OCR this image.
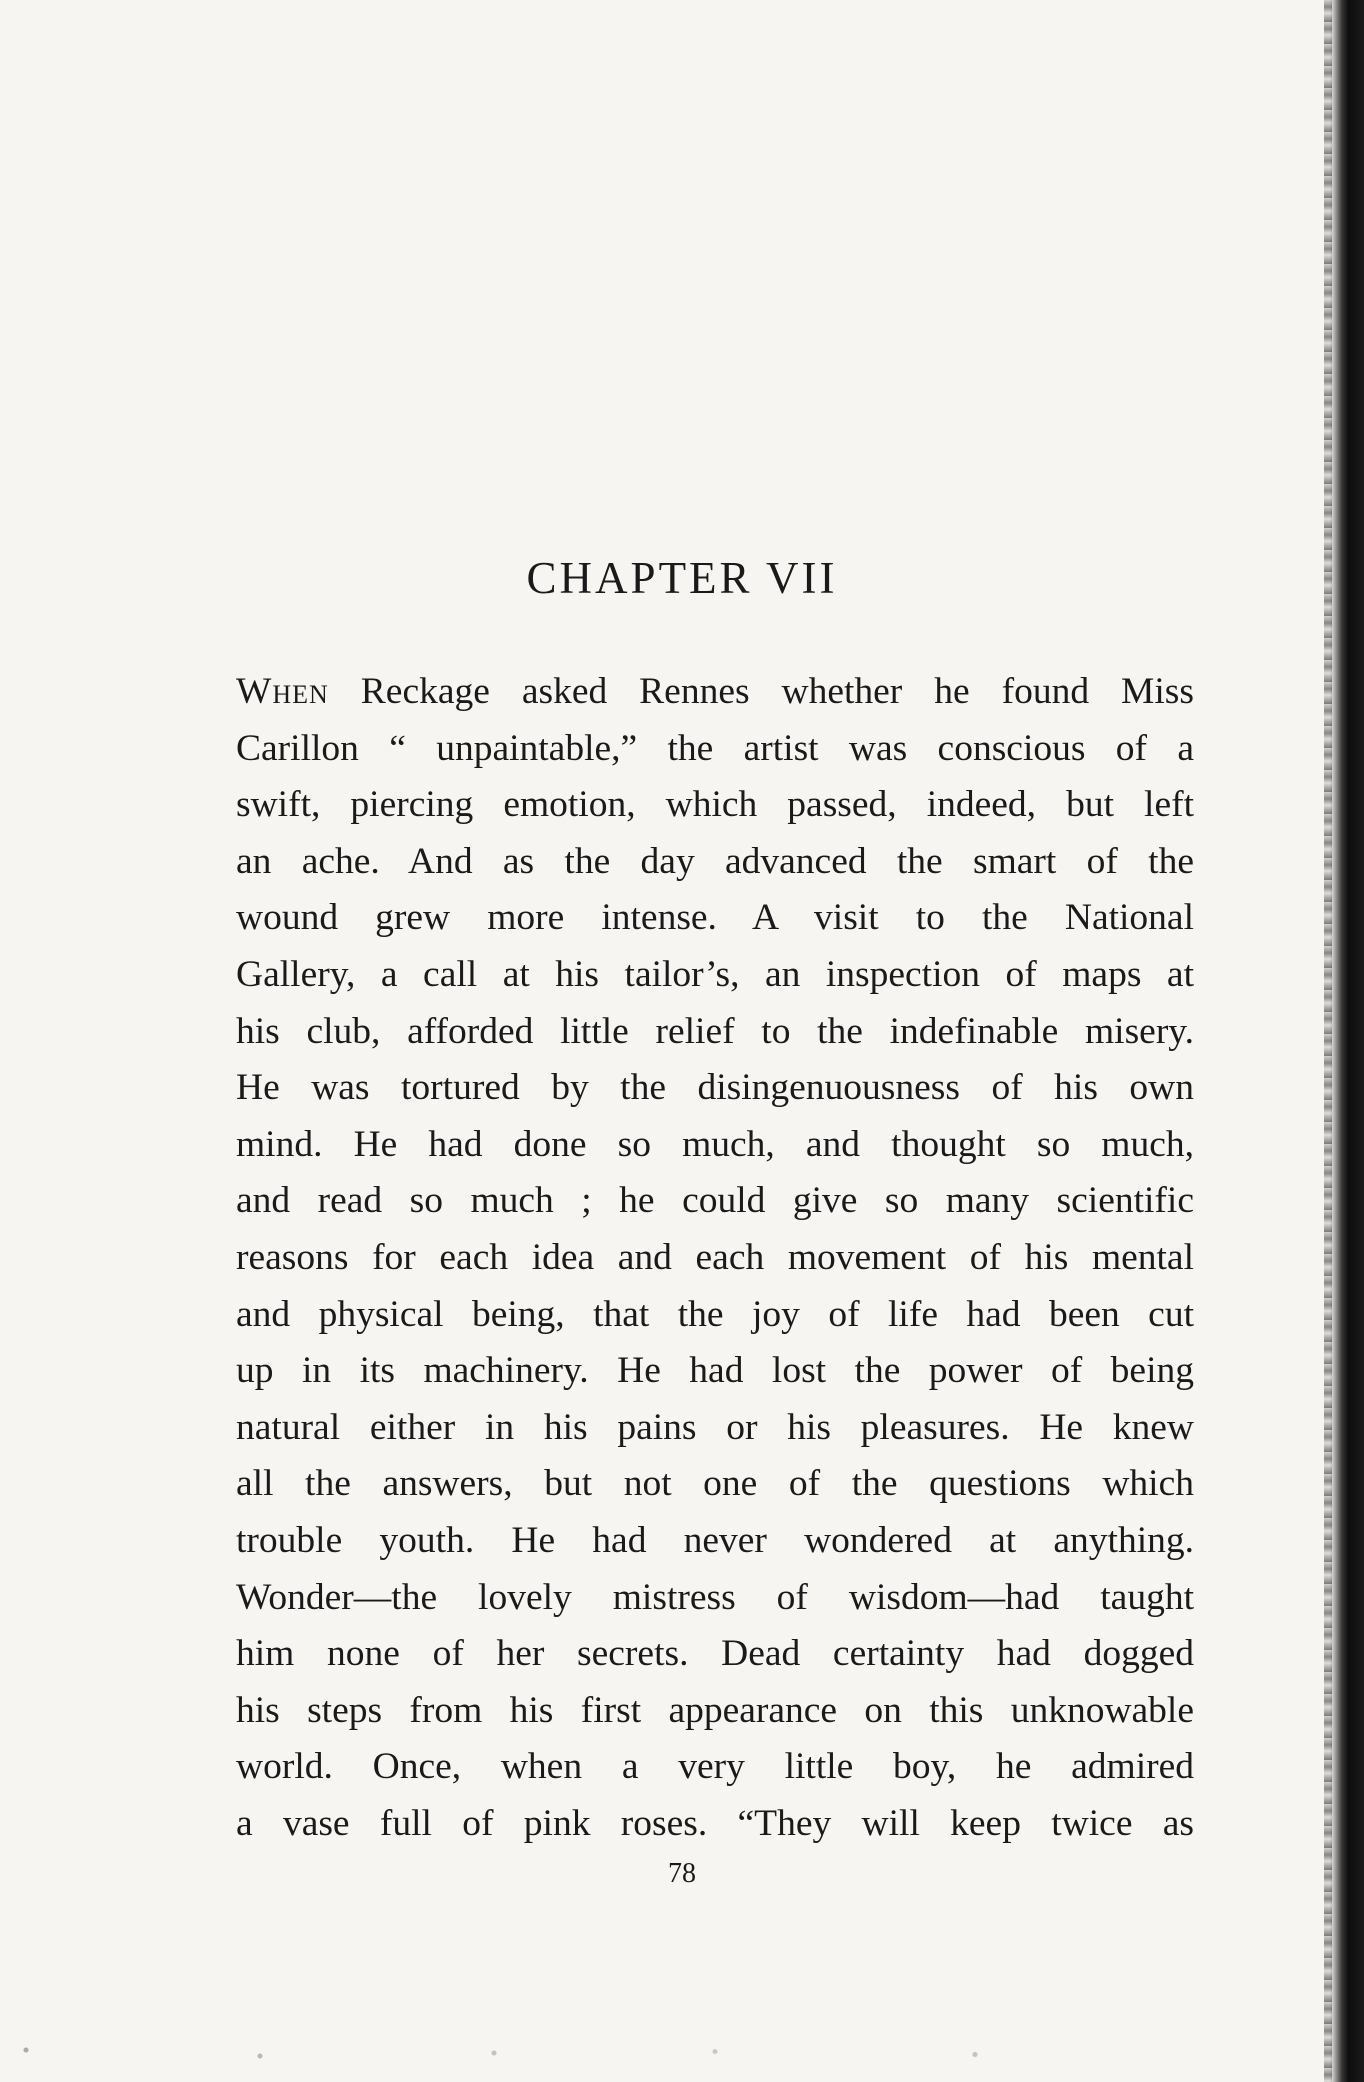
CHAPTER VII
When Reckage asked Rennes whether he found Miss
Carillon “ unpaintable,” the artist was conscious of a
swift, piercing emotion, which passed, indeed, but left
an ache. And as the day advanced the smart of the
wound grew more intense. A visit to the National
Gallery, a call at his tailor’s, an inspection of maps at
his club, afforded little relief to the indefinable misery.
He was tortured by the disingenuousness of his own
mind. He had done so much, and thought so much,
and read so much ; he could give so many scientific
reasons for each idea and each movement of his mental
and physical being, that the joy of life had been cut
up in its machinery. He had lost the power of being
natural either in his pains or his pleasures. He knew
all the answers, but not one of the questions which
trouble youth. He had never wondered at anything.
Wonder—the lovely mistress of wisdom—had taught
him none of her secrets. Dead certainty had dogged
his steps from his first appearance on this unknowable
world. Once, when a very little boy, he admired
a vase full of pink roses. “They will keep twice as
78
